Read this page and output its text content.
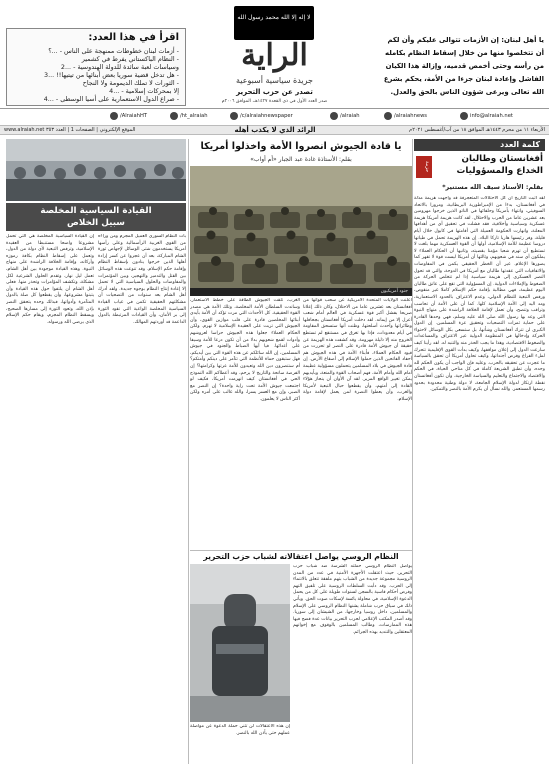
اقرأ في هذا العدد:
- أزمات لبنان خطوطات ممنهجة على الناس - ...؟
- النظام الباكستاني يفرط في كشمير
وسياسات لعبة سائدة للدولة الهندوسية - ...2
- هل تدخل قضية سوريا بعض أبنائها من تيتيها!! ...3
- الثورات لا تملك الديمومة ولا النجاح
إلا بمحركات إسلامية - ...4
- صراع الدول الاستعمارية على أسيا الوسطى - ...4
لا إله إلا الله محمد رسول الله
الراية
جريدة سياسية أسبوعية
تصدر عن حزب التحرير
صدر العدد الأول في ذي القعدة ١٤٢٧هـ، الموافق ٢٠٠٦م
يا أهل لبنان: إن الأزمات تتوالى عليكم وأن لكم
أن تتخلصوا منها من خلال إسقاط النظام بكامله
من رأسه وحتى أخمص قدميه، وإزالة هذا الكيان
الفاشل وإعادة لبنان جزءا من الأمة، يحكم بشرع
الله تعالى ويرعى شؤون الناس بالحق والعدل.
info@alraiah.net
/alraiahnews
/alraiah
/c/alraiahnewspaper
/ht_alraiah
/AlraiahHT
www.alraiah.net الموقع الإلكتروني | الصفحات 1 | العدد ٣٥٣	الرائد الذي لا يكذب أهله	الأربعاء ١١ من محرم ١٤٤٣هـ الموافق ١٨ من آب/أغسطس ٢٠٢١م
كلمة العدد
أفغانستان وطالبان
الخداع والمسؤوليات
حزمة
بقلم: الأستاذ سيف الله مستنير*
لقد أثبت التاريخ أن كل الاحتلالات المتعجرفة قد واجهت هزيمة مذلة في أفغانستان، بدءا من الإمبراطورية البريطانية، ومرورا بالاتحاد السوفيتي، وانتهاء بأمريكا وحلفائها في الناتو الذين خرجوا مهزومين بعد عشرين عاما من الحرب والاحتلال. لقد كانت هزيمة أمريكا هزيمة عسكرية وسياسية وأخلاقية، فقد فشلت في تحقيق أي من أهدافها المعلنة، وانهارت الحكومة العميلة التي أقامتها في كابول خلال أيام قليلة، وفر رئيسها هاربا تاركا البلاد. إن هذه الهزيمة تحمل في طياتها دروسا عظيمة للأمة الإسلامية، أولها أن القوة العسكرية مهما بلغت لا تستطيع أن تهزم شعبا مؤمنا بقضيته، وثانيها أن الحكام العملاء لا يملكون أي سند في شعوبهم، وثالثها أن أمريكا ليست قوة لا تقهر كما يصورها الإعلام. غير أن الخطر الحقيقي يكمن في المفاوضات والاتفاقيات التي عقدتها طالبان مع أمريكا في الدوحة، والتي قد تحول النصر العسكري إلى هزيمة سياسية إذا لم تتخلص الحركة من الضغوط والإملاءات الدولية. إن المسؤولية التي تقع على عاتق طالبان اليوم عظيمة، فهي مطالبة بإقامة حكم الإسلام كاملا غير منقوص، ورفض التبعية للنظام الدولي، وعدم الاعتراف بالحدود الاستعمارية، ومد اليد إلى الأمة الإسلامية كلها. كما أن على الأمة أن تحاسب وتراقب وتنصح، وأن تعمل لإقامة الخلافة الراشدة على منهاج النبوة التي وعد بها رسول الله صلى الله عليه وسلم، فهي وحدها القادرة على حماية ثمرات التضحيات وتحقيق عزة المسلمين. إن الدول الكبرى لن تترك أفغانستان وشأنها، بل ستسعى بكل الوسائل لاحتواء الحركة وإدخالها في المنظومة الدولية عبر الاعتراف والمساعدات والضغوط الاقتصادية، وهذا ما يجب الحذر منه والتنبه له. لقد رأينا كيف سارعت الدول إلى إعلان مواقفها، وكيف بدأت القوى الإقليمية تتحرك لملء الفراغ وفرض أجنداتها، وكيف تحاول أمريكا أن تحقق بالسياسة ما عجزت عن تحقيقه بالحرب. وعليه فإن الواجب أن يكون الحكم لله وحده، وأن تطبق الشريعة كاملة في كل مناحي الحياة، في الحكم والاقتصاد والاجتماع والتعليم والسياسة الخارجية، وأن تكون أفغانستان نقطة ارتكاز لدولة الإسلام الجامعة، لا دولة وطنية محدودة بحدود رسمها المستعمر. والله نسأل أن يكرم الأمة بالنصر والتمكين.
يا قادة الجيوش انصروا الأمة واخذلوا أمريكا
بقلم: الأستاذة غادة عبد الجبار «أم أواب»
جنود أمريكيون
أعلنت الولايات المتحدة الأمريكية عن سحب قواتها من أفغانستان بعد عشرين عاما من الاحتلال، وكان ذلك إعلانا صريحا بفشل أكبر قوة عسكرية في العالم أمام شعب أعزل إلا من إيمانه. لقد دخلت أمريكا أفغانستان بجحافلها وطائراتها وأحدث أسلحتها، وظنت أنها ستسحق المقاومة في أيام معدودات، فإذا بها تغرق في مستنقع لم تستطع الخروج منه إلا ذليلة مهزومة. وقد كشفت هذه الهزيمة عن حقيقة أن جيوش الأمة قادرة على النصر لو تحررت من قيود الحكام العملاء، فأبناء الأمة في هذه الجيوش هم أحفاد الفاتحين الذين حملوا الإسلام إلى أصقاع الأرض. إن قادة الجيوش في بلاد المسلمين يتحملون مسؤولية عظيمة أمام الله وأمام الأمة، فهم أصحاب القوة والمنعة، وبأيديهم يمكن تغيير الواقع المرير. لقد آن الأوان أن ينحاز هؤلاء القادة إلى أمتهم، وأن يقطعوا حبال التبعية لأمريكا والغرب، وأن يعطوا النصرة لمن يعمل لإقامة دولة الإسلام.
الغرب، تلقت الجيوش الطاقة على خطط الاستعمار، وساندت السلطان الأمة المخلصة، وتلك الأمة هي مصدر القوة الحقيقية. كل الأحداث التي مرت تؤكد أن الأمة بأيدي أبنائها المخلصين قادرة على قلب موازين القوى، وأن الجيوش التي تربت على العقيدة الإسلامية لا تهزم. ولكن الحكام العملاء جعلوا هذه الجيوش حراسا لعروشهم وأدوات لقمع شعوبهم بدلا من أن تكون درعا للأمة وسيفا على أعدائها. فيا أيها الضباط والجنود في جيوش المسلمين، إن الله سائلكم عن هذه القوة التي بين أيديكم، فهل ستبقون حماة للأنظمة التي تتآمر على دينكم وأمتكم؟ أم ستنصرون دين الله وتعيدون للأمة عزتها وكرامتها؟ إن الفرصة سانحة والتاريخ لا يرحم، وقد أعطاكم الله النموذج الحي في أفغانستان كيف انهزمت أمريكا، فكيف لو اجتمعت جيوش الأمة تحت راية واحدة؟ إن النصر مع الصبر، وإن مع العسر يسرا، والله غالب على أمره ولكن أكثر الناس لا يعلمون.
النظام الروسي يواصل اعتقالاته لشباب حزب التحرير
يواصل النظام الروسي حملته الشرسة ضد شباب حزب التحرير، حيث اعتقلت الأجهزة الأمنية في عدد من المدن الروسية مجموعة جديدة من الشباب بتهم ملفقة تتعلق بالانتماء إلى الحزب. وقد دأبت السلطات الروسية على تلفيق التهم وفرض أحكام قاسية بالسجن لسنوات طويلة على كل من يحمل الدعوة الإسلامية، في محاولة يائسة لإسكات صوت الحق. ويأتي ذلك في سياق حرب شاملة يشنها النظام الروسي على الإسلام والمسلمين، داخل روسيا وخارجها، من الشيشان إلى سوريا. وقد أصدر المكتب الإعلامي لحزب التحرير بيانات عدة فضح فيها هذه الممارسات، وطالب المسلمين بالوقوف مع إخوانهم المعتقلين والتنديد بهذه الجرائم.
إن هذه الاعتقالات لن تثني حملة الدعوة عن مواصلة عملهم حتى يأذن الله بالنصر.
القيادة السياسية المخلصة
سبيل الخلاص
بات النظام السوري العميل المجرم ومن وراءه من القوى الغربية الرأسمالية وعلى رأسها أمريكا يستخدمون شتى الوسائل لإجهاض ثورة الشام المباركة، بعد أن عجزوا عن كسر إرادة أهلها الذين خرجوا ينادون بإسقاط النظام وإقامة حكم الإسلام. وقد تنوعت هذه الوسائل بين القتل والتدمير والتهجير، وبين المؤتمرات والمفاوضات والحلول السياسية التي لا تحمل إلا إعادة إنتاج النظام بوجوه جديدة. ولقد أدرك أهل الشام بعد سنوات من التضحيات أن مشكلتهم الحقيقية تكمن في غياب القيادة السياسية المخلصة الواعية التي تقود الثورة إلى بر الأمان، وأن القيادات المرتبطة بالدول الداعمة قد أوردتهم المهالك.
إن القيادة السياسية المخلصة هي التي تحمل مشروعا واضحا مستنبطا من العقيدة الإسلامية، وترفض التبعية لأي دولة من الدول، وتعمل على إسقاط النظام بكافة رموزه وأركانه، وإقامة الخلافة الراشدة على منهاج النبوة. وهذه القيادة موجودة بين أهل الشام، تعمل ليل نهار، وتقدم الحلول الشرعية لكل مشكلة، وتكشف المؤامرات وتحذر منها. فعلى أهل الشام أن يلتفوا حول هذه القيادة وأن يتبنوا مشروعها، وأن يقطعوا كل صلة بالدول المتآمرة وأدواتها، فبذلك وحده يتحقق النصر بإذن الله، وتعود الثورة إلى مسارها الصحيح، ويسقط النظام المجرم، ويقام حكم الإسلام الذي يرضي الله ورسوله.
